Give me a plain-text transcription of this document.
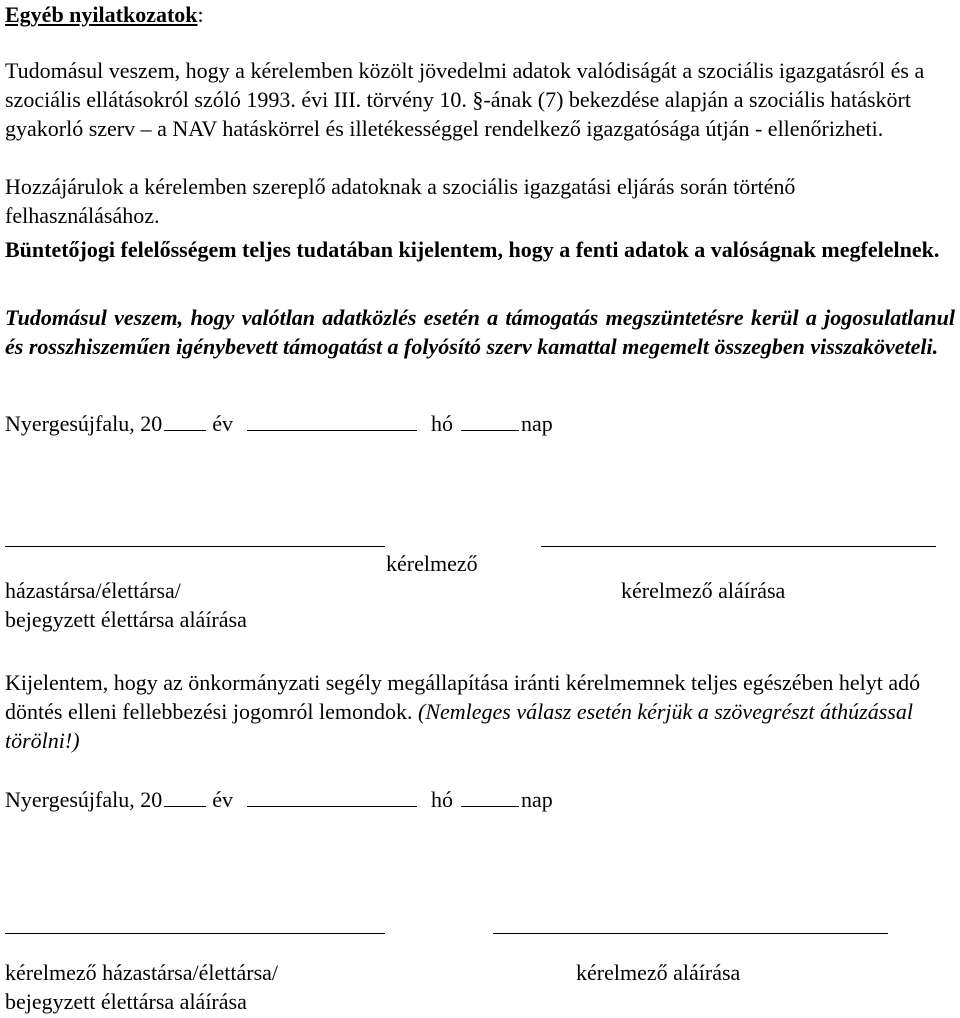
Egyéb nyilatkozatok:
Tudomásul veszem, hogy a kérelemben közölt jövedelmi adatok valódiságát a szociális igazgatásról és a szociális ellátásokról szóló 1993. évi III. törvény 10. §-ának (7) bekezdése alapján a szociális hatáskört gyakorló szerv – a NAV hatáskörrel és illetékességgel rendelkező igazgatósága útján - ellenőrizheti.
Hozzájárulok a kérelemben szereplő adatoknak a szociális igazgatási eljárás során történő felhasználásához.
Büntetőjogi felelősségem teljes tudatában kijelentem, hogy a fenti adatok a valóságnak megfelelnek.
Tudomásul veszem, hogy valótlan adatközlés esetén a támogatás megszüntetésre kerül a jogosulatlanul és rosszhiszeműen igénybevett támogatást a folyósító szerv kamattal megemelt összegben visszaköveteli.
Nyergesújfalu, 20 év	hó	nap
kérelmező
házastársa/élettársa/
bejegyzett élettársa aláírása
kérelmező aláírása
Kijelentem, hogy az önkormányzati segély megállapítása iránti kérelmemnek teljes egészében helyt adó döntés elleni fellebbezési jogomról lemondok. (Nemleges válasz esetén kérjük a szövegrészt áthúzással törölni!)
Nyergesújfalu, 20 év	hó	nap
kérelmező házastársa/élettársa/
bejegyzett élettársa aláírása
kérelmező aláírása
